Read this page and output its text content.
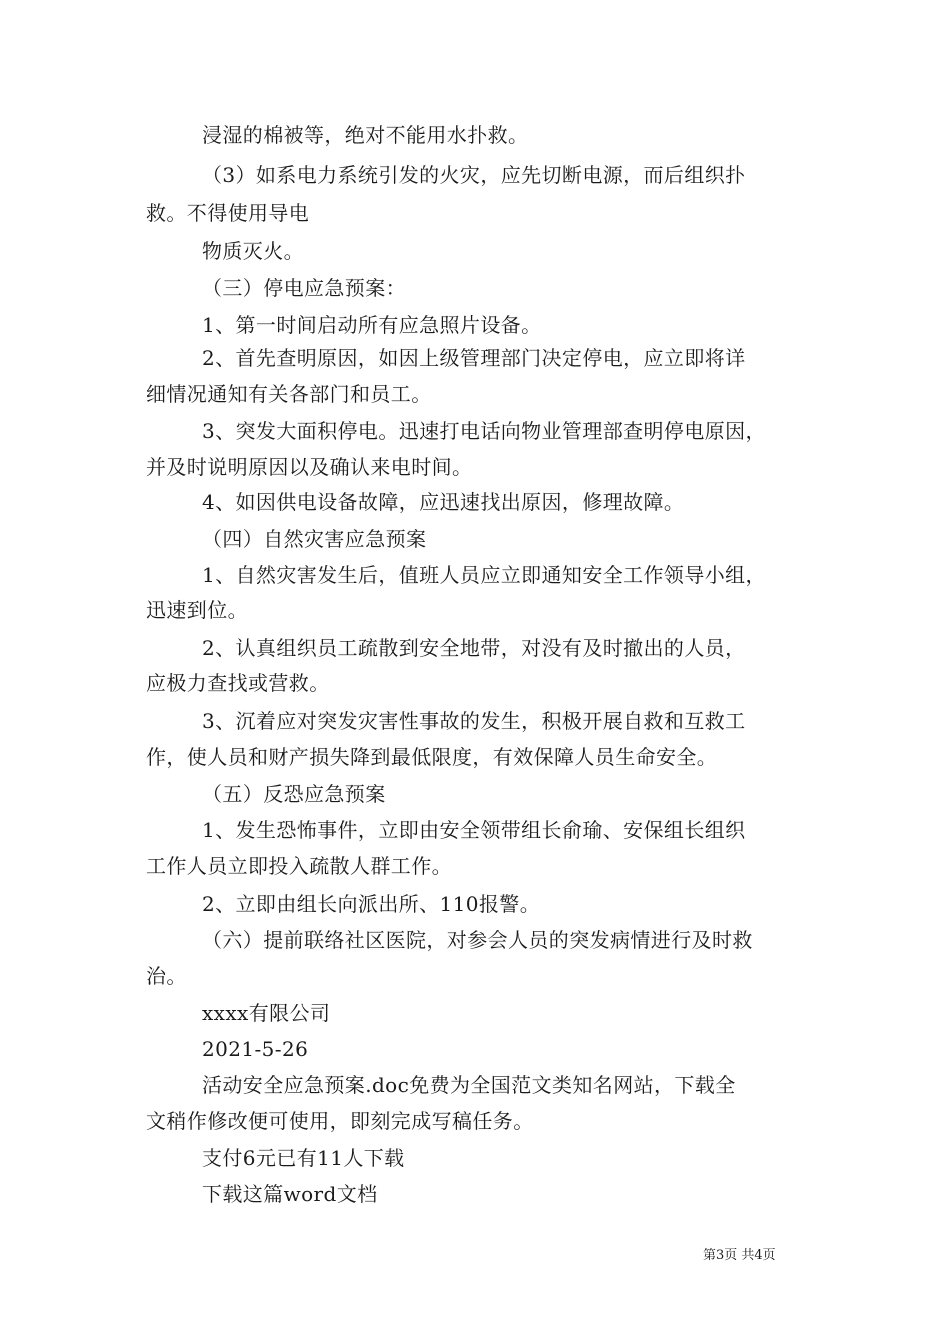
浸湿的棉被等，绝对不能用水扑救。
（3）如系电力系统引发的火灾，应先切断电源，而后组织扑
救。不得使用导电
物质灭火。
（三）停电应急预案：
1、第一时间启动所有应急照片设备。
2、首先查明原因，如因上级管理部门决定停电，应立即将详
细情况通知有关各部门和员工。
3、突发大面积停电。迅速打电话向物业管理部查明停电原因，
并及时说明原因以及确认来电时间。
4、如因供电设备故障，应迅速找出原因，修理故障。
（四）自然灾害应急预案
1、自然灾害发生后，值班人员应立即通知安全工作领导小组，
迅速到位。
2、认真组织员工疏散到安全地带，对没有及时撤出的人员，
应极力查找或营救。
3、沉着应对突发灾害性事故的发生，积极开展自救和互救工
作，使人员和财产损失降到最低限度，有效保障人员生命安全。
（五）反恐应急预案
1、发生恐怖事件，立即由安全领带组长俞瑜、安保组长组织
工作人员立即投入疏散人群工作。
2、立即由组长向派出所、110报警。
（六）提前联络社区医院，对参会人员的突发病情进行及时救
治。
xxxx有限公司
2021-5-26
活动安全应急预案.doc免费为全国范文类知名网站，下载全
文稍作修改便可使用，即刻完成写稿任务。
支付6元已有11人下载
下载这篇word文档
第3页 共4页
